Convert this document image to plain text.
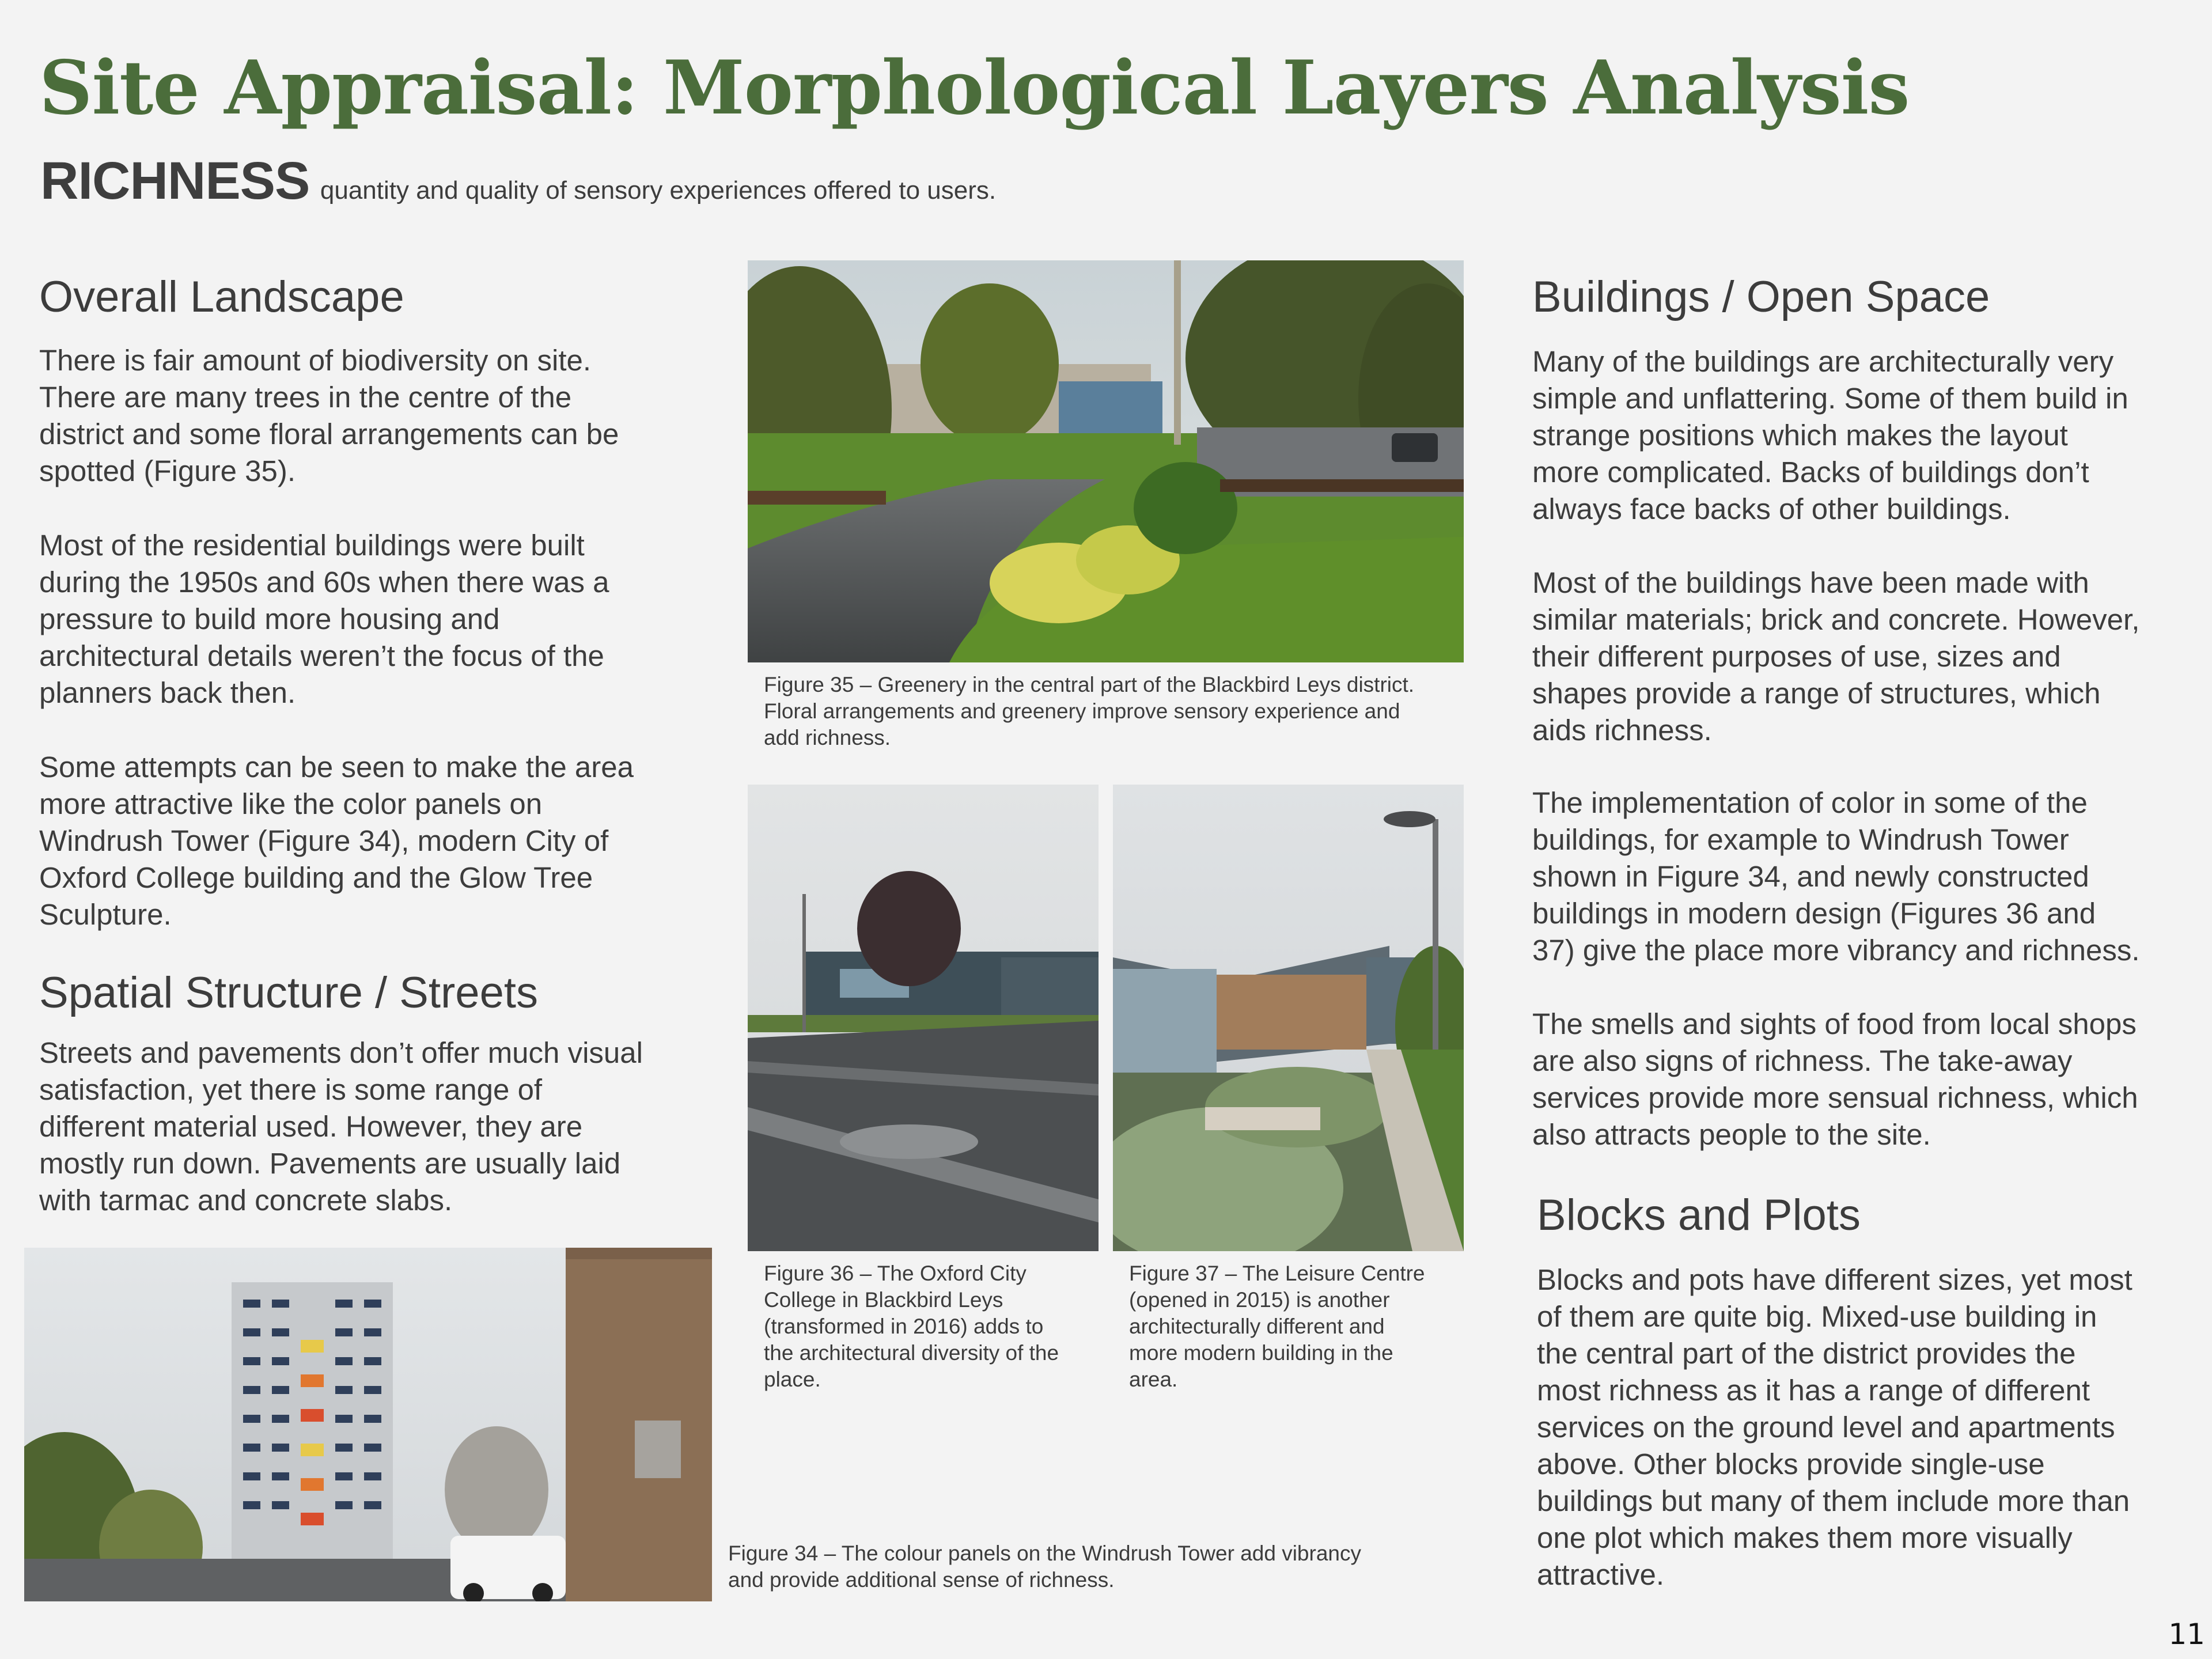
Site Appraisal: Morphological Layers Analysis
RICHNESS quantity and quality of sensory experiences offered to users.
Overall Landscape

There is fair amount of biodiversity on site.
There are many trees in the centre of the
district and some floral arrangements can be
spotted (Figure 35).

Most of the residential buildings were built
during the 1950s and 60s when there was a
pressure to build more housing and
architectural details weren’t the focus of the
planners back then.

Some attempts can be seen to make the area
more attractive like the color panels on
Windrush Tower (Figure 34), modern City of
Oxford College building and the Glow Tree
Sculpture.

Spatial Structure / Streets

Streets and pavements don’t offer much visual
satisfaction, yet there is some range of
different material used. However, they are
mostly run down. Pavements are usually laid
with tarmac and concrete slabs.

Figure 35 – Greenery in the central part of the Blackbird Leys district.
Floral arrangements and greenery improve sensory experience and
add richness.

Figure 36 – The Oxford City
College in Blackbird Leys
(transformed in 2016) adds to
the architectural diversity of the
place.

Figure 37 – The Leisure Centre
(opened in 2015) is another
architecturally different and
more modern building in the
area.

Figure 34 – The colour panels on the Windrush Tower add vibrancy
and provide additional sense of richness.

Buildings / Open Space

Many of the buildings are architecturally very
simple and unflattering. Some of them build in
strange positions which makes the layout
more complicated. Backs of buildings don’t
always face backs of other buildings.

Most of the buildings have been made with
similar materials; brick and concrete. However,
their different purposes of use, sizes and
shapes provide a range of structures, which
aids richness.

The implementation of color in some of the
buildings, for example to Windrush Tower
shown in Figure 34, and newly constructed
buildings in modern design (Figures 36 and
37) give the place more vibrancy and richness.

The smells and sights of food from local shops
are also signs of richness. The take-away
services provide more sensual richness, which
also attracts people to the site.

Blocks and Plots

Blocks and pots have different sizes, yet most
of them are quite big. Mixed-use building in
the central part of the district provides the
most richness as it has a range of different
services on the ground level and apartments
above. Other blocks provide single-use
buildings but many of them include more than
one plot which makes them more visually
attractive.

11
